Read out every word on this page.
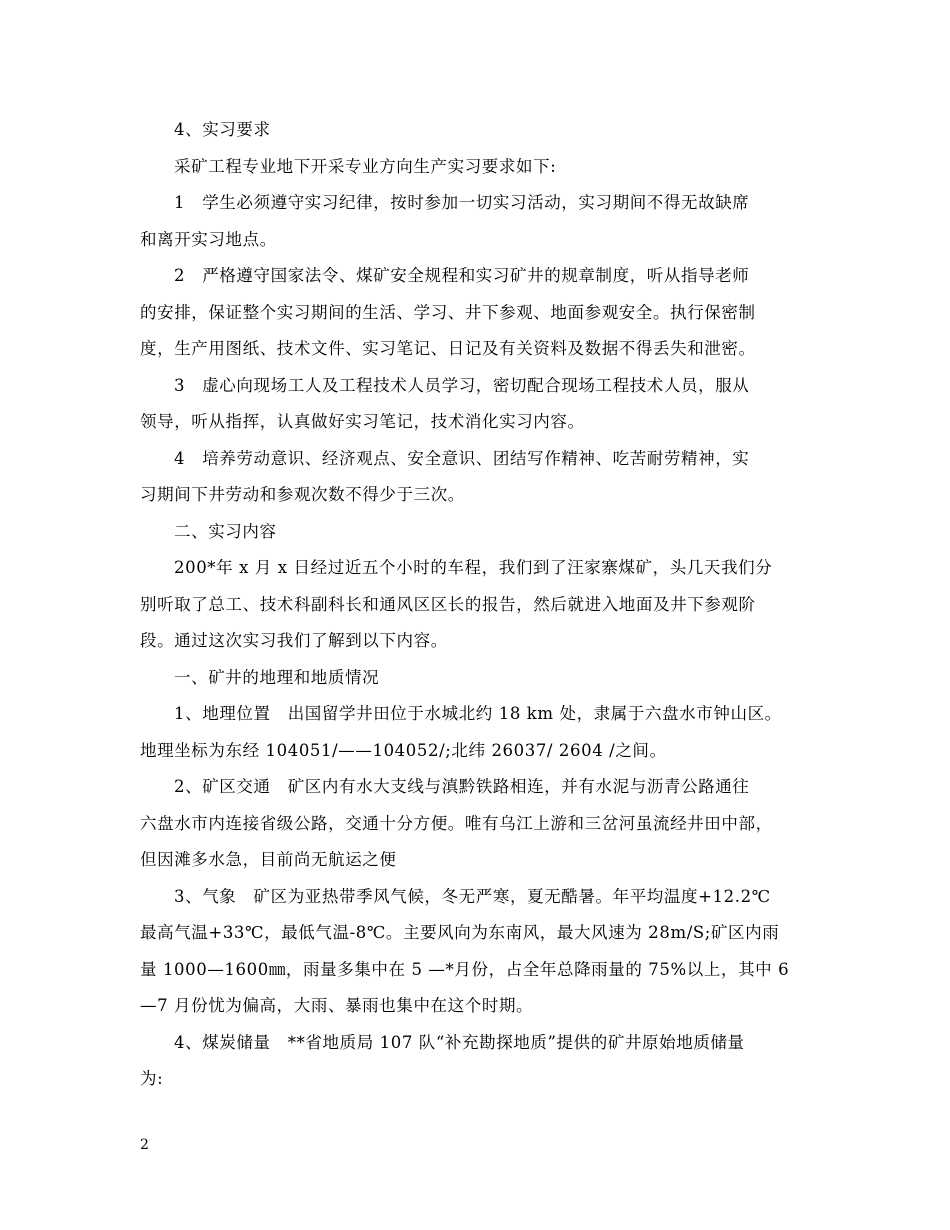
4、实习要求
采矿工程专业地下开采专业方向生产实习要求如下:
1　学生必须遵守实习纪律，按时参加一切实习活动，实习期间不得无故缺席
和离开实习地点。
2　严格遵守国家法令、煤矿安全规程和实习矿井的规章制度，听从指导老师
的安排，保证整个实习期间的生活、学习、井下参观、地面参观安全。执行保密制
度，生产用图纸、技术文件、实习笔记、日记及有关资料及数据不得丢失和泄密。
3　虚心向现场工人及工程技术人员学习，密切配合现场工程技术人员，服从
领导，听从指挥，认真做好实习笔记，技术消化实习内容。
4　培养劳动意识、经济观点、安全意识、团结写作精神、吃苦耐劳精神，实
习期间下井劳动和参观次数不得少于三次。
二、实习内容
200*年 x 月 x 日经过近五个小时的车程，我们到了汪家寨煤矿，头几天我们分
别听取了总工、技术科副科长和通风区区长的报告，然后就进入地面及井下参观阶
段。通过这次实习我们了解到以下内容。
一、矿井的地理和地质情况
1、地理位置　出国留学井田位于水城北约 18 km 处，隶属于六盘水市钟山区。
地理坐标为东经 104051/——104052/;北纬 26037/ 2604 /之间。
2、矿区交通　矿区内有水大支线与滇黔铁路相连，并有水泥与沥青公路通往
六盘水市内连接省级公路，交通十分方便。唯有乌江上游和三岔河虽流经井田中部，
但因滩多水急，目前尚无航运之便
3、气象　矿区为亚热带季风气候，冬无严寒，夏无酷暑。年平均温度+12.2℃
最高气温+33℃，最低气温-8℃。主要风向为东南风，最大风速为 28m/S;矿区内雨
量 1000—1600㎜，雨量多集中在 5 —*月份，占全年总降雨量的 75%以上，其中 6
—7 月份忧为偏高，大雨、暴雨也集中在这个时期。
4、煤炭储量　**省地质局 107 队“补充勘探地质”提供的矿井原始地质储量
为:
2
